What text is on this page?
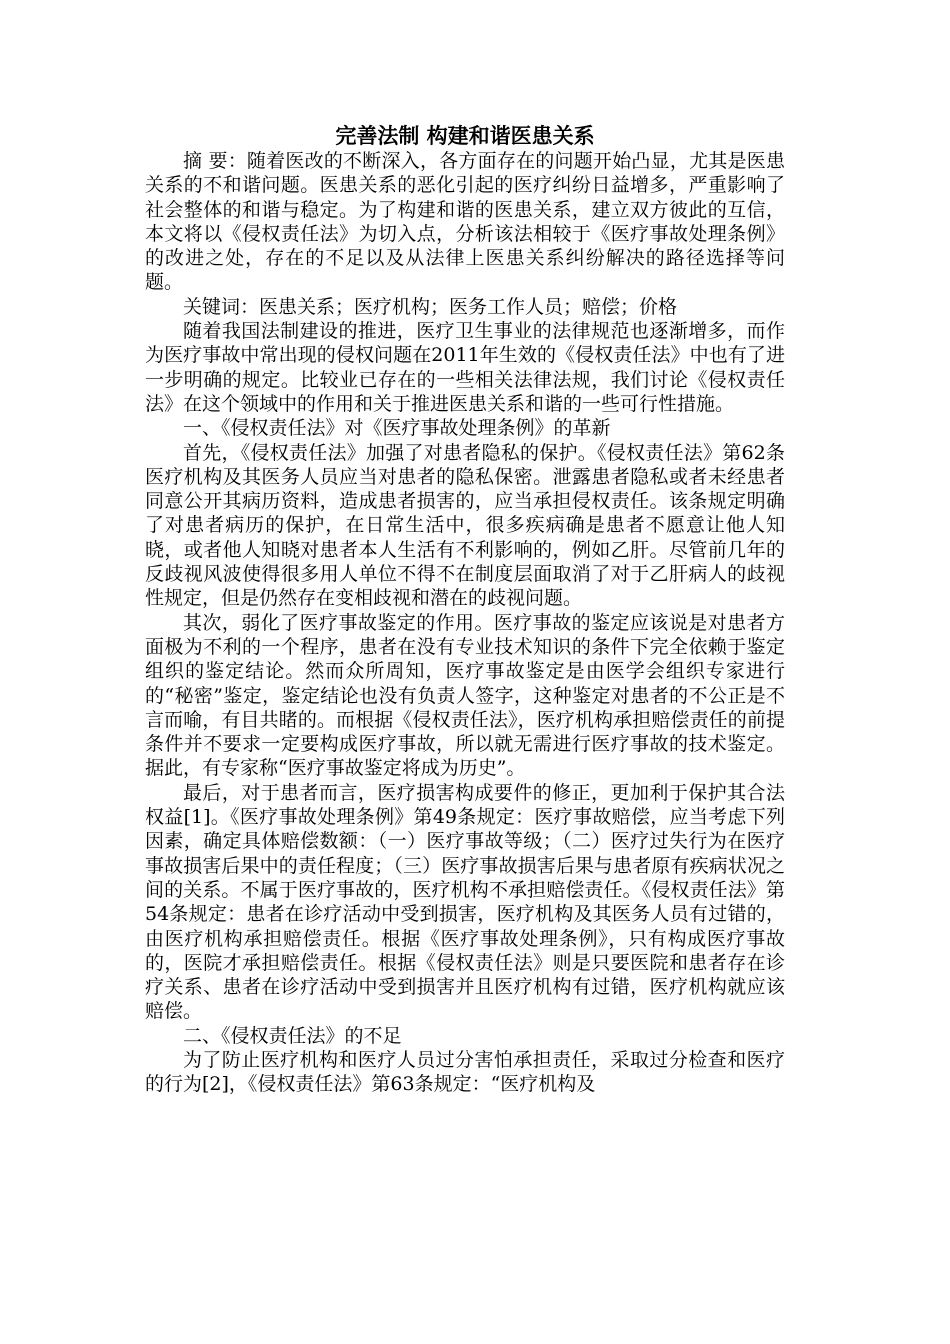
完善法制 构建和谐医患关系

摘 要：随着医改的不断深入，各方面存在的问题开始凸显，尤其是医患关系的不和谐问题。医患关系的恶化引起的医疗纠纷日益增多，严重影响了社会整体的和谐与稳定。为了构建和谐的医患关系，建立双方彼此的互信，本文将以《侵权责任法》为切入点，分析该法相较于《医疗事故处理条例》的改进之处，存在的不足以及从法律上医患关系纠纷解决的路径选择等问题。

关键词：医患关系；医疗机构；医务工作人员；赔偿；价格

随着我国法制建设的推进，医疗卫生事业的法律规范也逐渐增多，而作为医疗事故中常出现的侵权问题在2011年生效的《侵权责任法》中也有了进一步明确的规定。比较业已存在的一些相关法律法规，我们讨论《侵权责任法》在这个领域中的作用和关于推进医患关系和谐的一些可行性措施。

一、《侵权责任法》对《医疗事故处理条例》的革新

首先，《侵权责任法》加强了对患者隐私的保护。《侵权责任法》第62条医疗机构及其医务人员应当对患者的隐私保密。泄露患者隐私或者未经患者同意公开其病历资料，造成患者损害的，应当承担侵权责任。该条规定明确了对患者病历的保护，在日常生活中，很多疾病确是患者不愿意让他人知晓，或者他人知晓对患者本人生活有不利影响的，例如乙肝。尽管前几年的反歧视风波使得很多用人单位不得不在制度层面取消了对于乙肝病人的歧视性规定，但是仍然存在变相歧视和潜在的歧视问题。

其次，弱化了医疗事故鉴定的作用。医疗事故的鉴定应该说是对患者方面极为不利的一个程序，患者在没有专业技术知识的条件下完全依赖于鉴定组织的鉴定结论。然而众所周知，医疗事故鉴定是由医学会组织专家进行的“秘密”鉴定，鉴定结论也没有负责人签字，这种鉴定对患者的不公正是不言而喻，有目共睹的。而根据《侵权责任法》，医疗机构承担赔偿责任的前提条件并不要求一定要构成医疗事故，所以就无需进行医疗事故的技术鉴定。据此，有专家称“医疗事故鉴定将成为历史”。

最后，对于患者而言，医疗损害构成要件的修正，更加利于保护其合法权益[1]。《医疗事故处理条例》第49条规定：医疗事故赔偿，应当考虑下列因素，确定具体赔偿数额：（一）医疗事故等级；（二）医疗过失行为在医疗事故损害后果中的责任程度；（三）医疗事故损害后果与患者原有疾病状况之间的关系。不属于医疗事故的，医疗机构不承担赔偿责任。《侵权责任法》第54条规定：患者在诊疗活动中受到损害，医疗机构及其医务人员有过错的，由医疗机构承担赔偿责任。根据《医疗事故处理条例》，只有构成医疗事故的，医院才承担赔偿责任。根据《侵权责任法》则是只要医院和患者存在诊疗关系、患者在诊疗活动中受到损害并且医疗机构有过错，医疗机构就应该赔偿。

二、《侵权责任法》的不足

为了防止医疗机构和医疗人员过分害怕承担责任，采取过分检查和医疗的行为[2]，《侵权责任法》第63条规定：“医疗机构及
